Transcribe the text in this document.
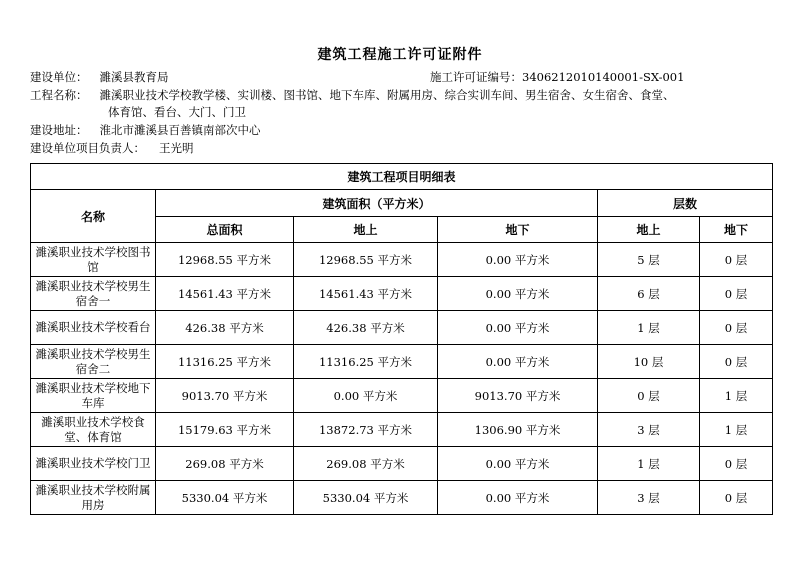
建筑工程施工许可证附件
建设单位： 濉溪县教育局	施工许可证编号：3406212010140001-SX-001
工程名称： 濉溪职业技术学校教学楼、实训楼、图书馆、地下车库、附属用房、综合实训车间、男生宿舍、女生宿舍、食堂、
体育馆、看台、大门、门卫
建设地址： 淮北市濉溪县百善镇南部次中心
建设单位项目负责人： 王光明
建筑工程项目明细表					
名称	建筑面积（平方米）			层数	
	总面积	地上	地下	地上	地下
濉溪职业技术学校图书馆	12968.55 平方米	12968.55 平方米	0.00 平方米	5 层	0 层
濉溪职业技术学校男生宿舍一	14561.43 平方米	14561.43 平方米	0.00 平方米	6 层	0 层
濉溪职业技术学校看台	426.38 平方米	426.38 平方米	0.00 平方米	1 层	0 层
濉溪职业技术学校男生宿舍二	11316.25 平方米	11316.25 平方米	0.00 平方米	10 层	0 层
濉溪职业技术学校地下车库	9013.70 平方米	0.00 平方米	9013.70 平方米	0 层	1 层
濉溪职业技术学校食堂、体育馆	15179.63 平方米	13872.73 平方米	1306.90 平方米	3 层	1 层
濉溪职业技术学校门卫	269.08 平方米	269.08 平方米	0.00 平方米	1 层	0 层
濉溪职业技术学校附属用房	5330.04 平方米	5330.04 平方米	0.00 平方米	3 层	0 层
